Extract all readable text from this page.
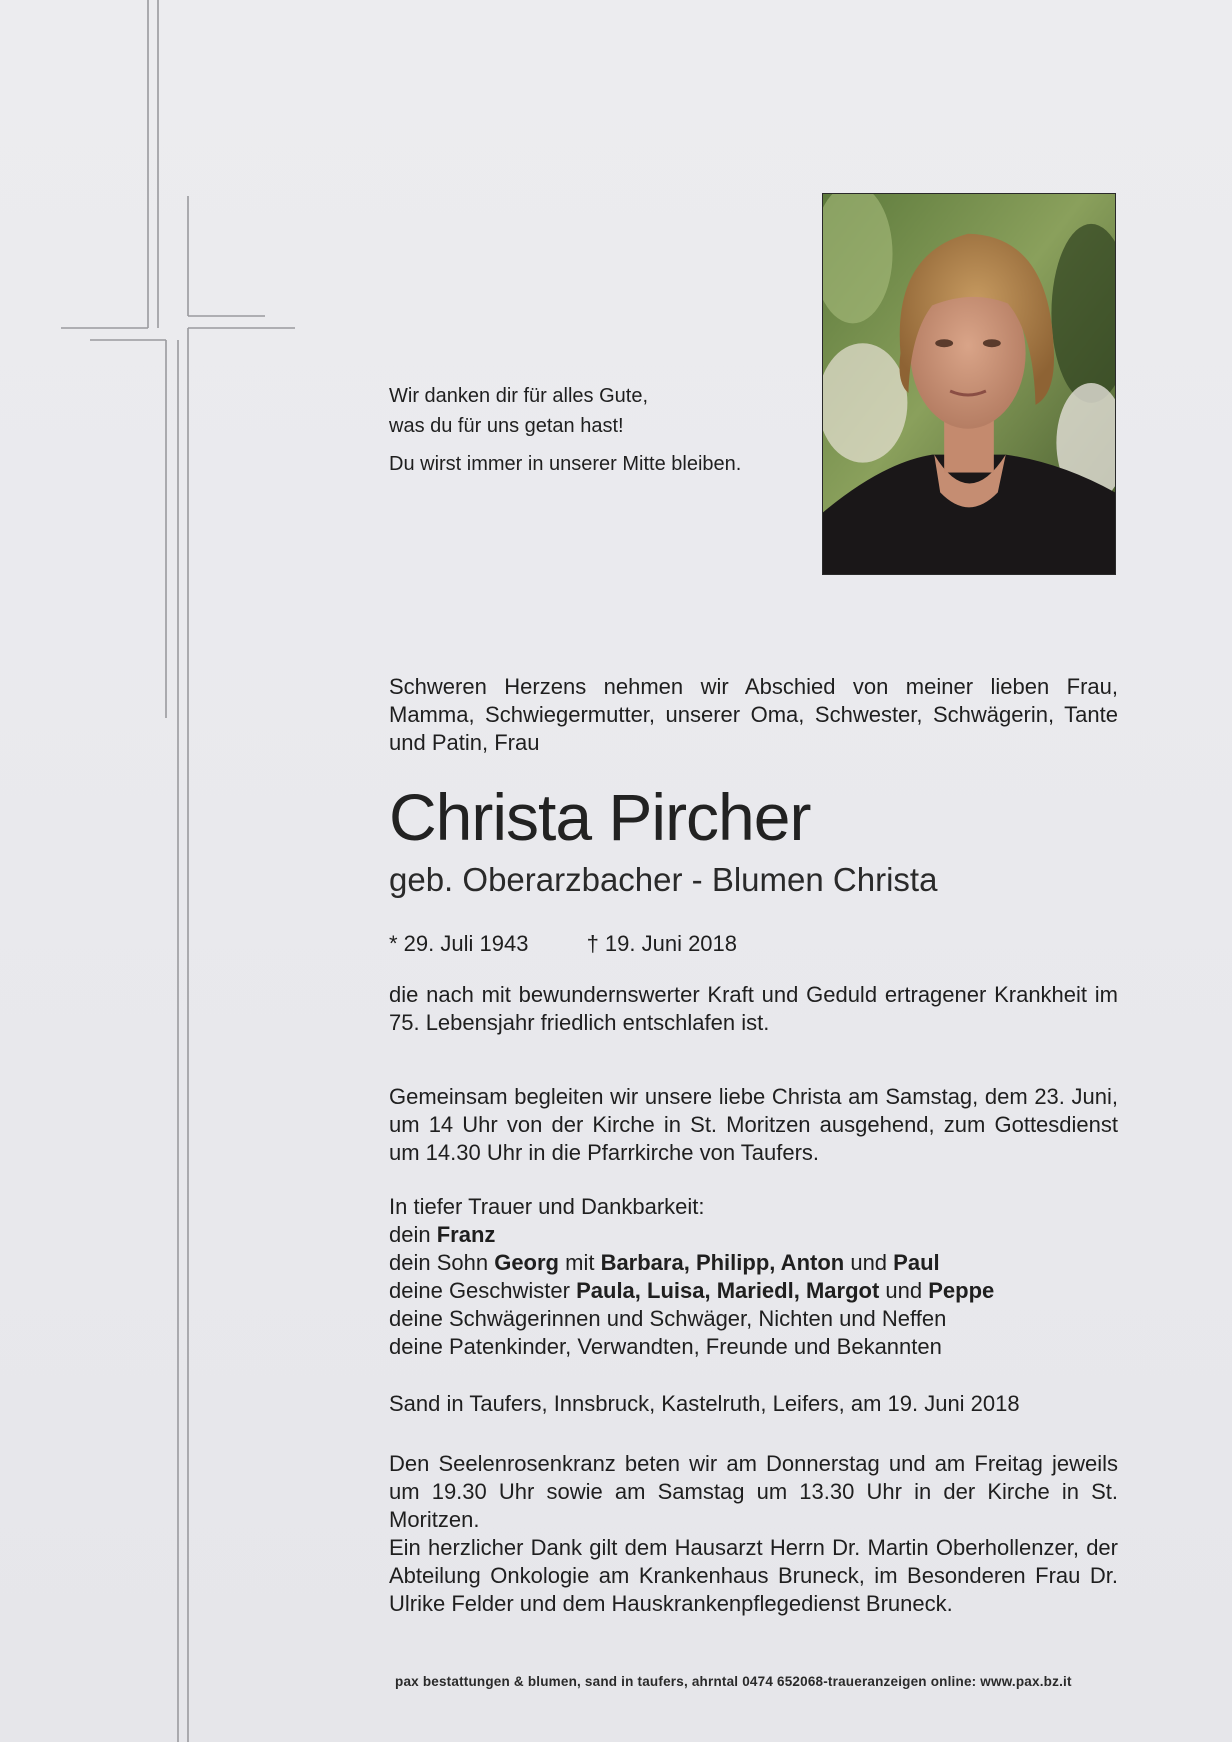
Wir danken dir für alles Gute,

was du für uns getan hast!

Du wirst immer in unserer Mitte bleiben.

Schweren Herzens nehmen wir Abschied von meiner lieben Frau, Mamma, Schwiegermutter, unserer Oma, Schwester, Schwägerin, Tante und Patin, Frau

Christa Pircher
geb. Oberarzbacher - Blumen Christa
* 29. Juli 1943	† 19. Juni 2018

die nach mit bewundernswerter Kraft und Geduld ertragener Krankheit im 75. Lebensjahr friedlich entschlafen ist.

Gemeinsam begleiten wir unsere liebe Christa am Samstag, dem 23. Juni, um 14 Uhr von der Kirche in St. Moritzen ausgehend, zum Gottesdienst um 14.30 Uhr in die Pfarrkirche von Taufers.

In tiefer Trauer und Dankbarkeit:
dein Franz
dein Sohn Georg mit Barbara, Philipp, Anton und Paul
deine Geschwister Paula, Luisa, Mariedl, Margot und Peppe
deine Schwägerinnen und Schwäger, Nichten und Neffen
deine Patenkinder, Verwandten, Freunde und Bekannten

Sand in Taufers, Innsbruck, Kastelruth, Leifers, am 19. Juni 2018

Den Seelenrosenkranz beten wir am Donnerstag und am Freitag jeweils um 19.30 Uhr sowie am Samstag um 13.30 Uhr in der Kirche in St. Moritzen.

Ein herzlicher Dank gilt dem Hausarzt Herrn Dr. Martin Oberhollenzer, der Abteilung Onkologie am Krankenhaus Bruneck, im Besonderen Frau Dr. Ulrike Felder und dem Hauskrankenpflegedienst Bruneck.

pax bestattungen & blumen, sand in taufers, ahrntal 0474 652068-traueranzeigen online: www.pax.bz.it
